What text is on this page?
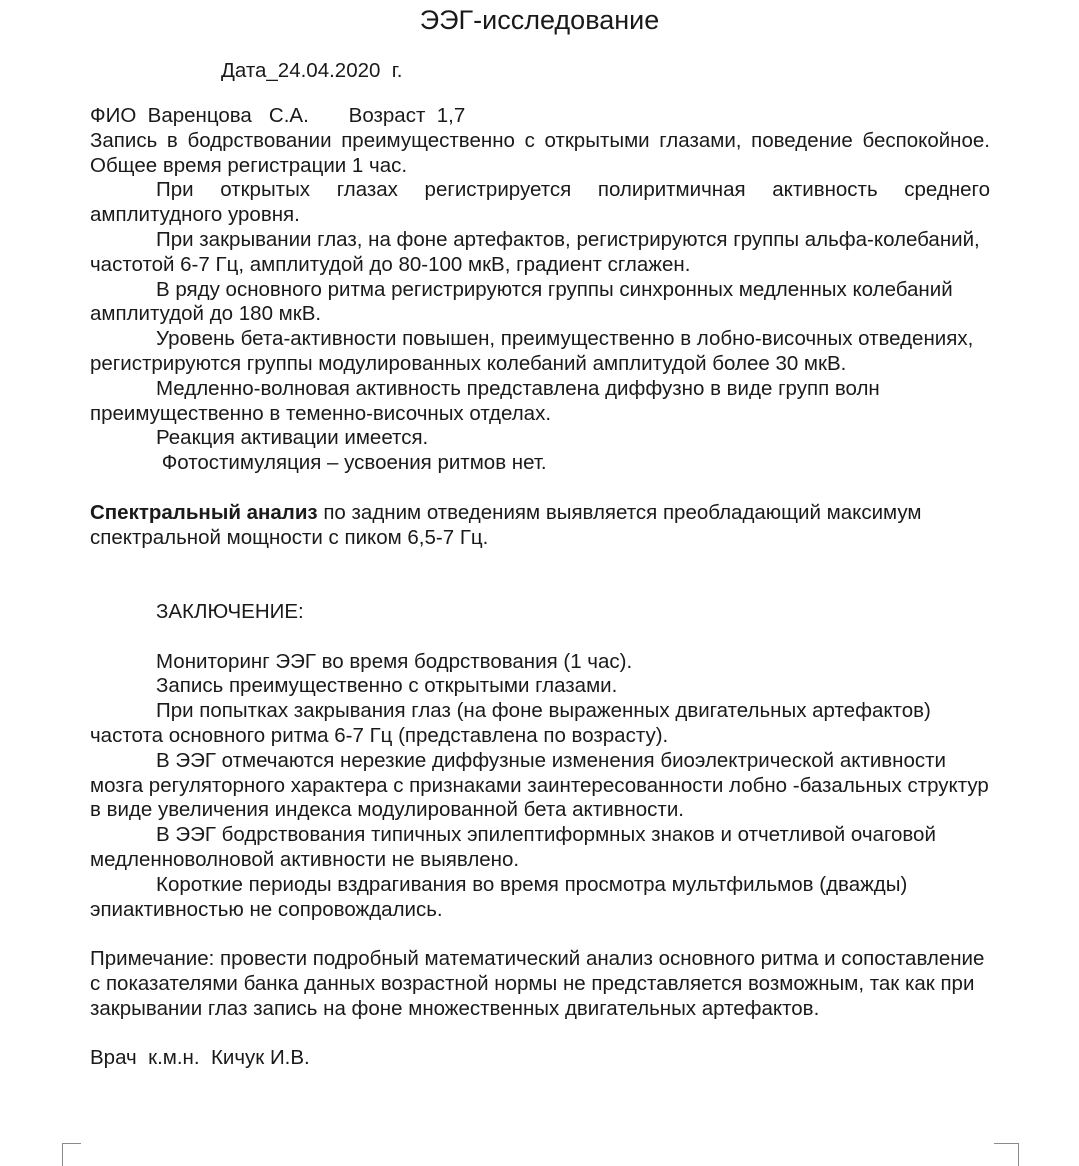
ЭЭГ-исследование
Дата_24.04.2020  г.

ФИО  Варенцова   С.А.       Возраст  1,7

Запись в бодрствовании преимущественно с открытыми глазами, поведение беспокойное. Общее время регистрации 1 час.

При открытых глазах регистрируется полиритмичная активность среднего амплитудного уровня.

При закрывании глаз, на фоне артефактов, регистрируются группы альфа-колебаний, частотой 6-7 Гц, амплитудой до 80-100 мкВ, градиент сглажен.

В ряду основного ритма регистрируются группы синхронных медленных колебаний амплитудой до 180 мкВ.

Уровень бета-активности повышен, преимущественно в лобно-височных отведениях, регистрируются группы модулированных колебаний амплитудой более 30 мкВ.

Медленно-волновая активность представлена диффузно в виде групп волн преимущественно в теменно-височных отделах.

Реакция активации имеется.

Фотостимуляция – усвоения ритмов нет.

Спектральный анализ по задним отведениям выявляется преобладающий максимум спектральной мощности с пиком 6,5-7 Гц.

ЗАКЛЮЧЕНИЕ:

Мониторинг ЭЭГ во время бодрствования (1 час).

Запись преимущественно с открытыми глазами.

При попытках закрывания глаз (на фоне выраженных двигательных артефактов) частота основного ритма 6-7 Гц (представлена по возрасту).

В ЭЭГ отмечаются нерезкие диффузные изменения биоэлектрической активности мозга регуляторного характера с признаками заинтересованности лобно -базальных структур в виде увеличения индекса модулированной бета активности.

В ЭЭГ бодрствования типичных эпилептиформных знаков и отчетливой очаговой медленноволновой активности не выявлено.

Короткие периоды вздрагивания во время просмотра мультфильмов (дважды) эпиактивностью не сопровождались.

Примечание: провести подробный математический анализ основного ритма и сопоставление с показателями банка данных возрастной нормы не представляется возможным, так как при закрывании глаз запись на фоне множественных двигательных артефактов.

Врач  к.м.н.  Кичук И.В.
